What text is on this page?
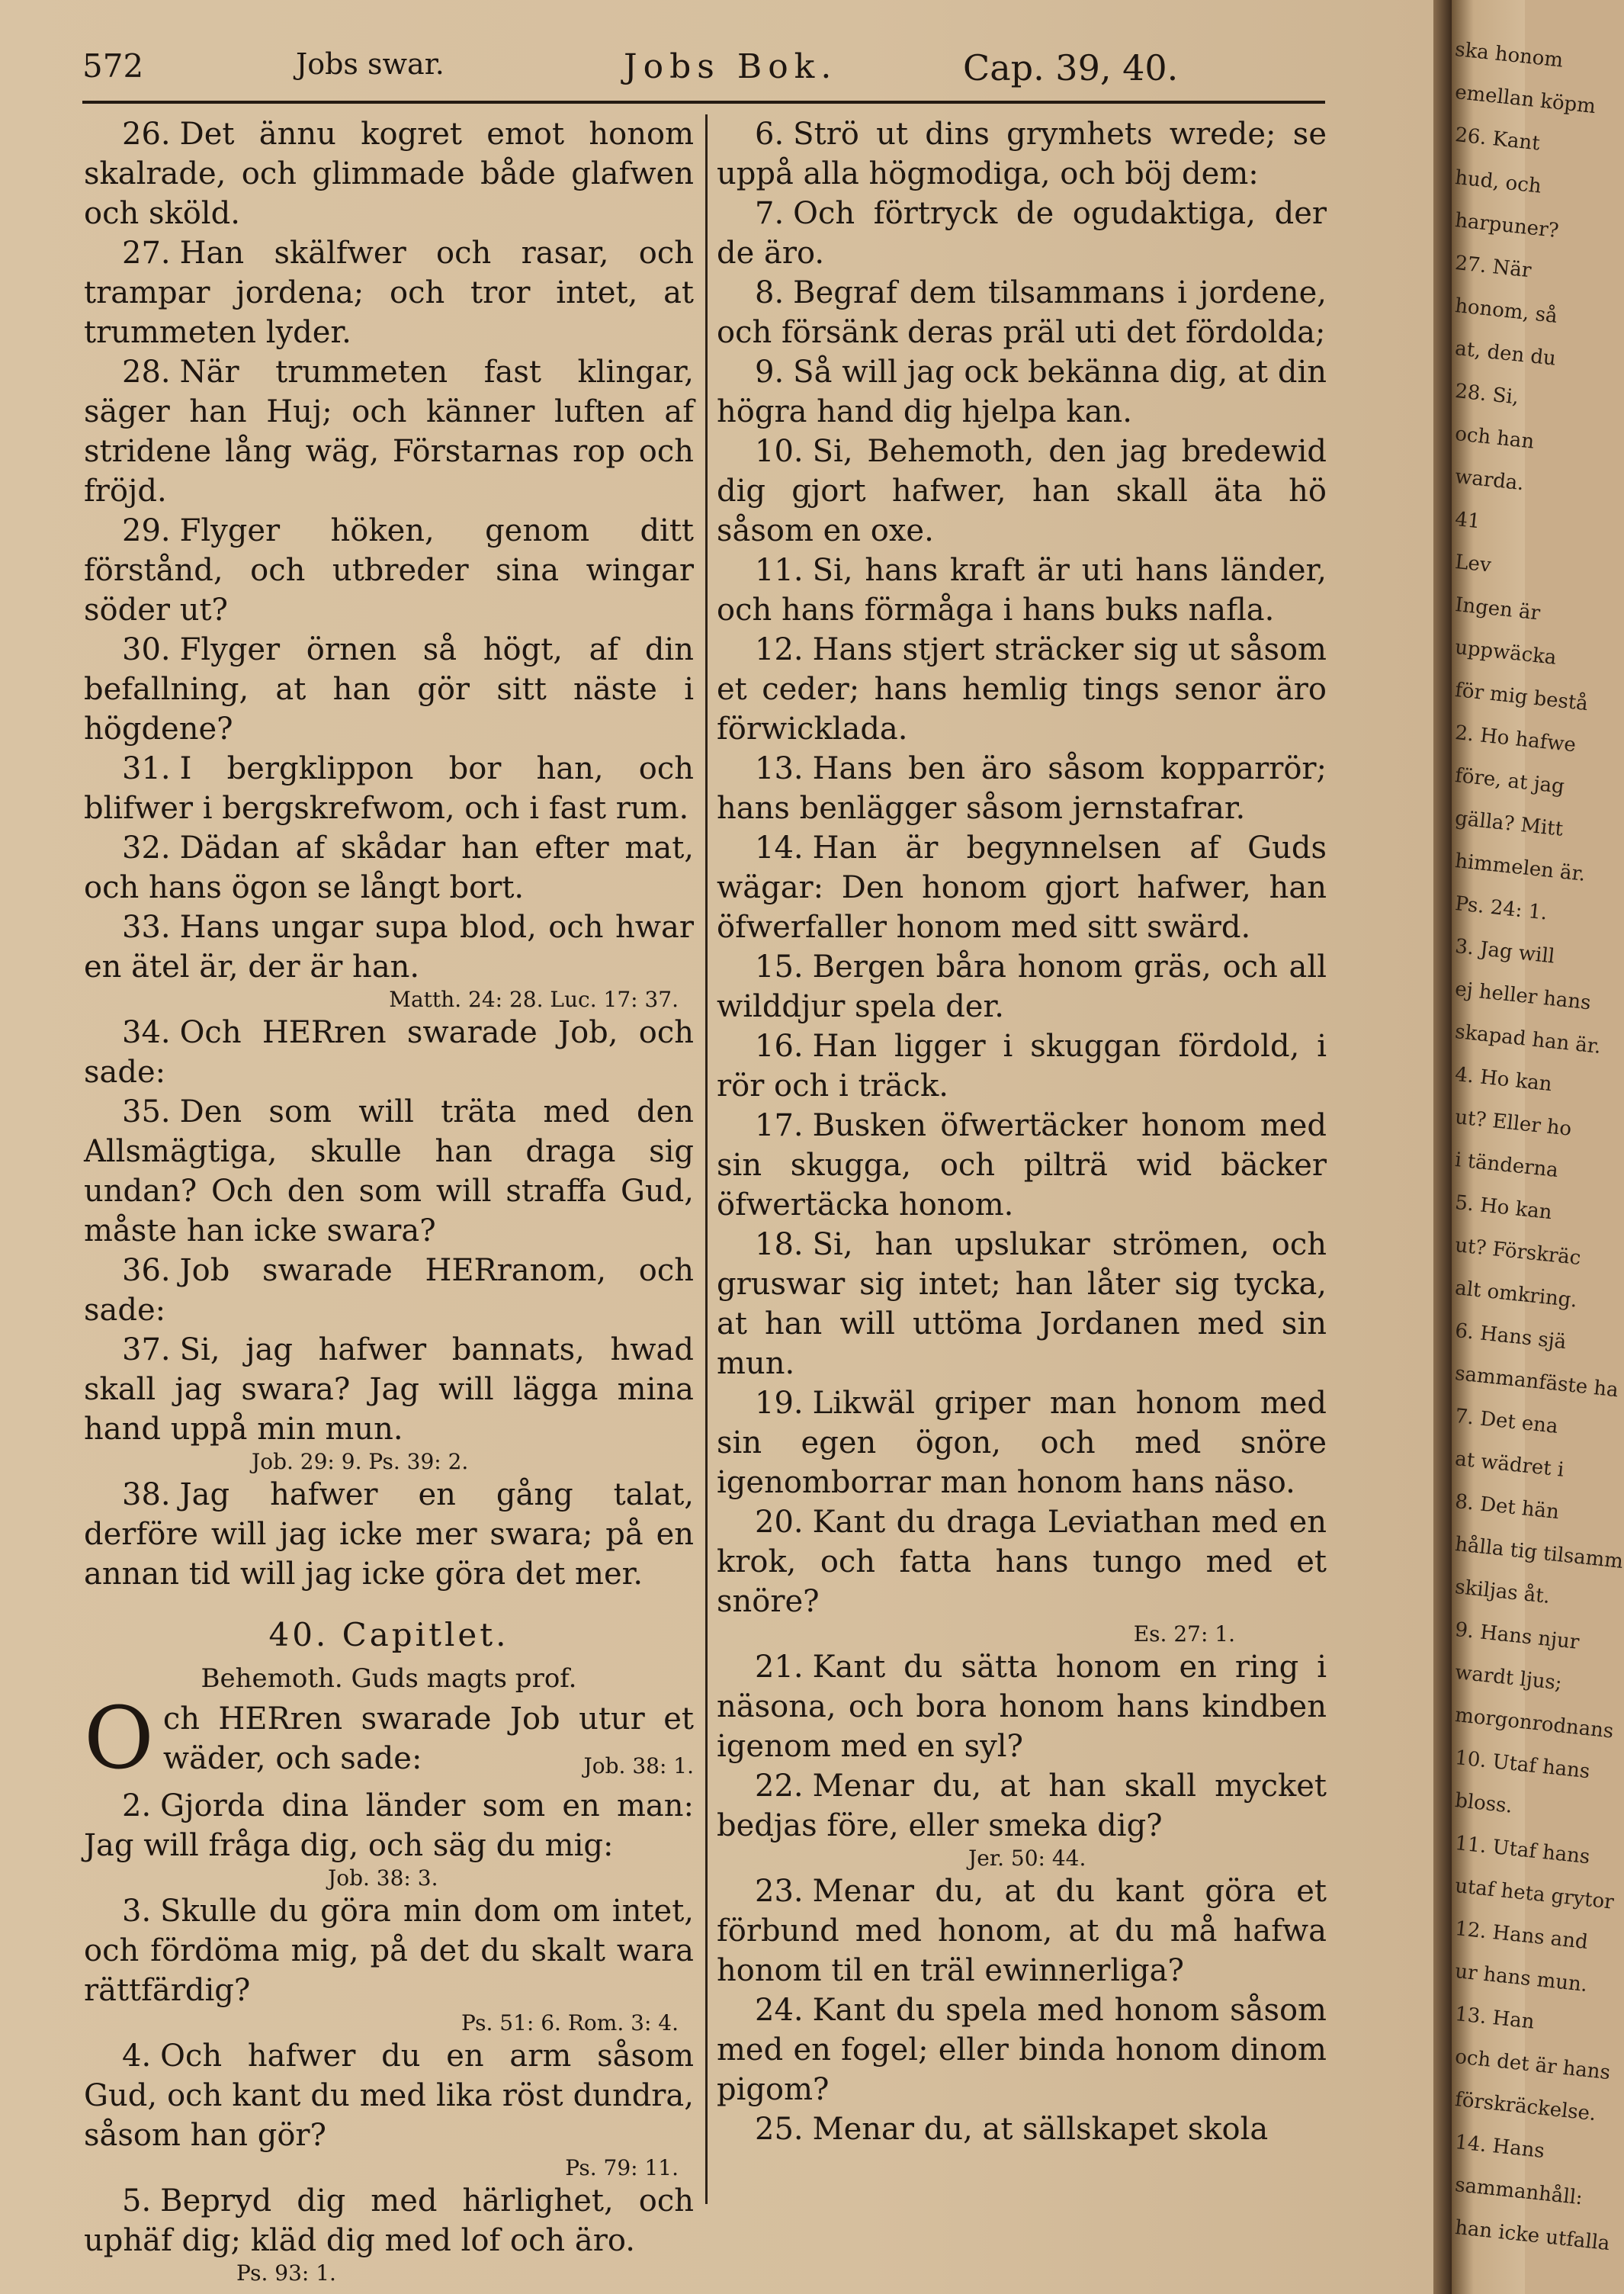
572	Jobs swar.	Jobs Bok.	Cap. 39, 40.

26. Det ännu kogret emot honom skalrade, och glimmade både glafwen och sköld.

27. Han skälfwer och rasar, och trampar jordena; och tror intet, at trummeten lyder.

28. När trummeten fast klingar, säger han Huj; och känner luften af stridene lång wäg, Förstarnas rop och fröjd.

29. Flyger höken, genom ditt förstånd, och utbreder sina wingar söder ut?

30. Flyger örnen så högt, af din befallning, at han gör sitt näste i högdene?

31. I bergklippon bor han, och blifwer i bergskrefwom, och i fast rum.

32. Dädan af skådar han efter mat, och hans ögon se långt bort.

33. Hans ungar supa blod, och hwar en ätel är, der är han.

Matth. 24: 28. Luc. 17: 37.

34. Och HERren swarade Job, och sade:

35. Den som will träta med den Allsmägtiga, skulle han draga sig undan? Och den som will straffa Gud, måste han icke swara?

36. Job swarade HERranom, och sade:

37. Si, jag hafwer bannats, hwad skall jag swara? Jag will lägga mina hand uppå min mun.

Job. 29: 9. Ps. 39: 2.

38. Jag hafwer en gång talat, derföre will jag icke mer swara; på en annan tid will jag icke göra det mer.

40. Capitlet.
Behemoth. Guds magts prof.

Och HERren swarade Job utur et wäder, och sade:	Job. 38: 1.

2. Gjorda dina länder som en man: Jag will fråga dig, och säg du mig:

Job. 38: 3.

3. Skulle du göra min dom om intet, och fördöma mig, på det du skalt wara rättfärdig?

Ps. 51: 6. Rom. 3: 4.

4. Och hafwer du en arm såsom Gud, och kant du med lika röst dundra, såsom han gör?

Ps. 79: 11.

5. Bepryd dig med härlighet, och uphäf dig; kläd dig med lof och äro.

Ps. 93: 1.

6. Strö ut dins grymhets wrede; se uppå alla högmodiga, och böj dem:

7. Och förtryck de ogudaktiga, der de äro.

8. Begraf dem tilsammans i jordene, och försänk deras präl uti det fördolda;

9. Så will jag ock bekänna dig, at din högra hand dig hjelpa kan.

10. Si, Behemoth, den jag bredewid dig gjort hafwer, han skall äta hö såsom en oxe.

11. Si, hans kraft är uti hans länder, och hans förmåga i hans buks nafla.

12. Hans stjert sträcker sig ut såsom et ceder; hans hemlig tings senor äro förwicklada.

13. Hans ben äro såsom kopparrör; hans benlägger såsom jernstafrar.

14. Han är begynnelsen af Guds wägar: Den honom gjort hafwer, han öfwerfaller honom med sitt swärd.

15. Bergen båra honom gräs, och all wilddjur spela der.

16. Han ligger i skuggan fördold, i rör och i träck.

17. Busken öfwertäcker honom med sin skugga, och pilträ wid bäcker öfwertäcka honom.

18. Si, han upslukar strömen, och gruswar sig intet; han låter sig tycka, at han will uttöma Jordanen med sin mun.

19. Likwäl griper man honom med sin egen ögon, och med snöre igenomborrar man honom hans näso.

20. Kant du draga Leviathan med en krok, och fatta hans tungo med et snöre?

Es. 27: 1.

21. Kant du sätta honom en ring i näsona, och bora honom hans kindben igenom med en syl?

22. Menar du, at han skall mycket bedjas före, eller smeka dig?

Jer. 50: 44.

23. Menar du, at du kant göra et förbund med honom, at du må hafwa honom til en träl ewinnerliga?

24. Kant du spela med honom såsom med en fogel; eller binda honom dinom pigom?

25. Menar du, at sällskapet skola

ska honom
emellan köpm
26. Kant
hud, och
harpuner?
27. När
honom, så
at, den du
28. Si,
och han
warda.
41
Lev
Ingen är
uppwäcka
för mig bestå
2. Ho hafwe
före, at jag
gälla? Mitt
himmelen är.
Ps. 24: 1.
3. Jag will
ej heller hans
skapad han är.
4. Ho kan
ut? Eller ho
i tänderna
5. Ho kan
ut? Förskräc
alt omkring.
6. Hans sjä
sammanfäste ha
7. Det ena
at wädret i
8. Det hän
hålla tig tilsamm
skiljas åt.
9. Hans njur
wardt ljus;
morgonrodnans
10. Utaf hans
bloss.
11. Utaf hans
utaf heta grytor
12. Hans and
ur hans mun.
13. Han
och det är hans
förskräckelse.
14. Hans
sammanhåll:
han icke utfalla
